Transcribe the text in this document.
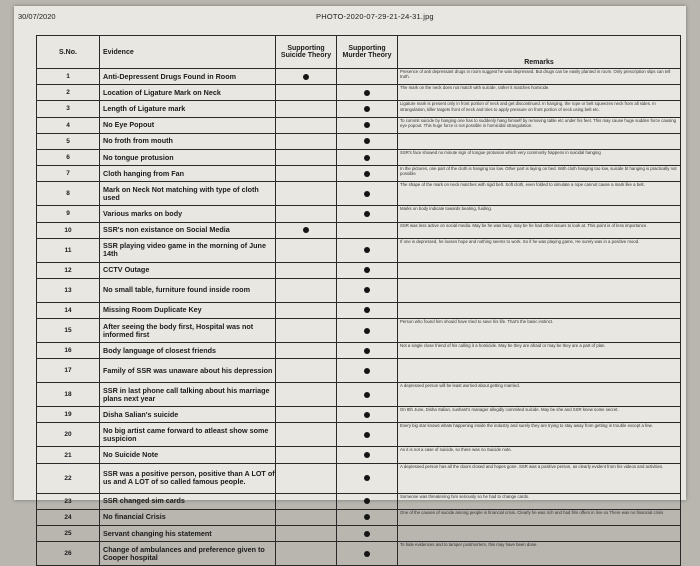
30/07/2020	PHOTO-2020-07-29-21-24-31.jpg
S.No.	Evidence	Supporting Suicide Theory	Supporting Murder Theory	Remarks
1	Anti-Depressent Drugs Found in Room			Presence of anti depressant drugs in room suggest he was depressed. But drugs can be easily planted in room. Only prescription slips can tell truth.
2	Location of Ligature Mark on Neck			The mark on the neck does not match with suicide, rather it matches homicide.
3	Length of Ligature mark			Ligature mark is present only in front portion of neck and get discontinued. In hanging, the rope or belt squeezes neck from all sides. In strangulation, killer targets front of neck and tries to apply pressure on front portion of neck using belt etc.
4	No Eye Popout			To commit suicide by hanging one has to suddenly hang himself by removing table etc under his feet. This may cause huge sudden force causing eye popout. This huge force is not possible in homicidal strangulation.
5	No froth from mouth			
6	No tongue protusion			SSR's face showed no minute sign of tongue protusion which very commonly happens in suicidal hanging
7	Cloth hanging from Fan			In the pictures, one part of the cloth is hanging too low. Other part is laying on bed. With cloth hanging too low, suicide bt hanging is practically not possible
8	Mark on Neck Not matching with type of cloth used			The shape of the mark on neck matches with rigid belt. Soft cloth, even folded to simulate a rope cannot cause a mark like a belt.
9	Various marks on body			Marks on body indicate towards beating, fuiding.
10	SSR's non existance on Social Media			SSR was less active on social media. May be he was busy, may be he had other issues to look at. This point is of less importance.
11	SSR playing video game in the morning of June 14th			If one is depressed, he looses hope and nothing seems to work. So if he was playing game, He surely was in a positive mood.
12	CCTV Outage			
13	No small table, furniture found inside room			
14	Missing Room Duplicate Key			
15	After seeing the body first, Hospital was not informed first			Person who found him should have tried to save his life. That's the basic instinct.
16	Body language of closest friends			Not a single close friend of his calling it a homicide. May be they are afraid or may be they are a part of plan.
17	Family of SSR was unaware about his depression			
18	SSR in last phone call talking about his marriage plans next year			A depressed person will be least worried about getting married.
19	Disha Salian's suicide			On 8th June, Disha Salian, sushant's manager allegdly commited suicide. May be she and SSR knew some secret.
20	No big artist came forward to atleast show some suspicion			Every big star knows whats happening inside the industry and surely they are trying to stay away from getting in trouble except a few.
21	No Suicide Note			As it is not a case of suicide, so there was no Suicide note.
22	SSR was a positive person, positive than A LOT of us and A LOT of so called famous people.			A depressed person has all the doors closed and hopes gone. SSR was a positive person, as clearly evident from his videos and activities.
23	SSR changed sim cards			Someone was threatening him seriously so he had to change cards.
24	No financial Crisis			One of the causes of suicide among people is financial crisis. Clearly he was rich and had film offers in line so There was no financial crisis
25	Servant changing his statement			
26	Change of ambulances and preference given to Cooper hospital			To hide evidences and to tamper postmortem, this may have been done.
